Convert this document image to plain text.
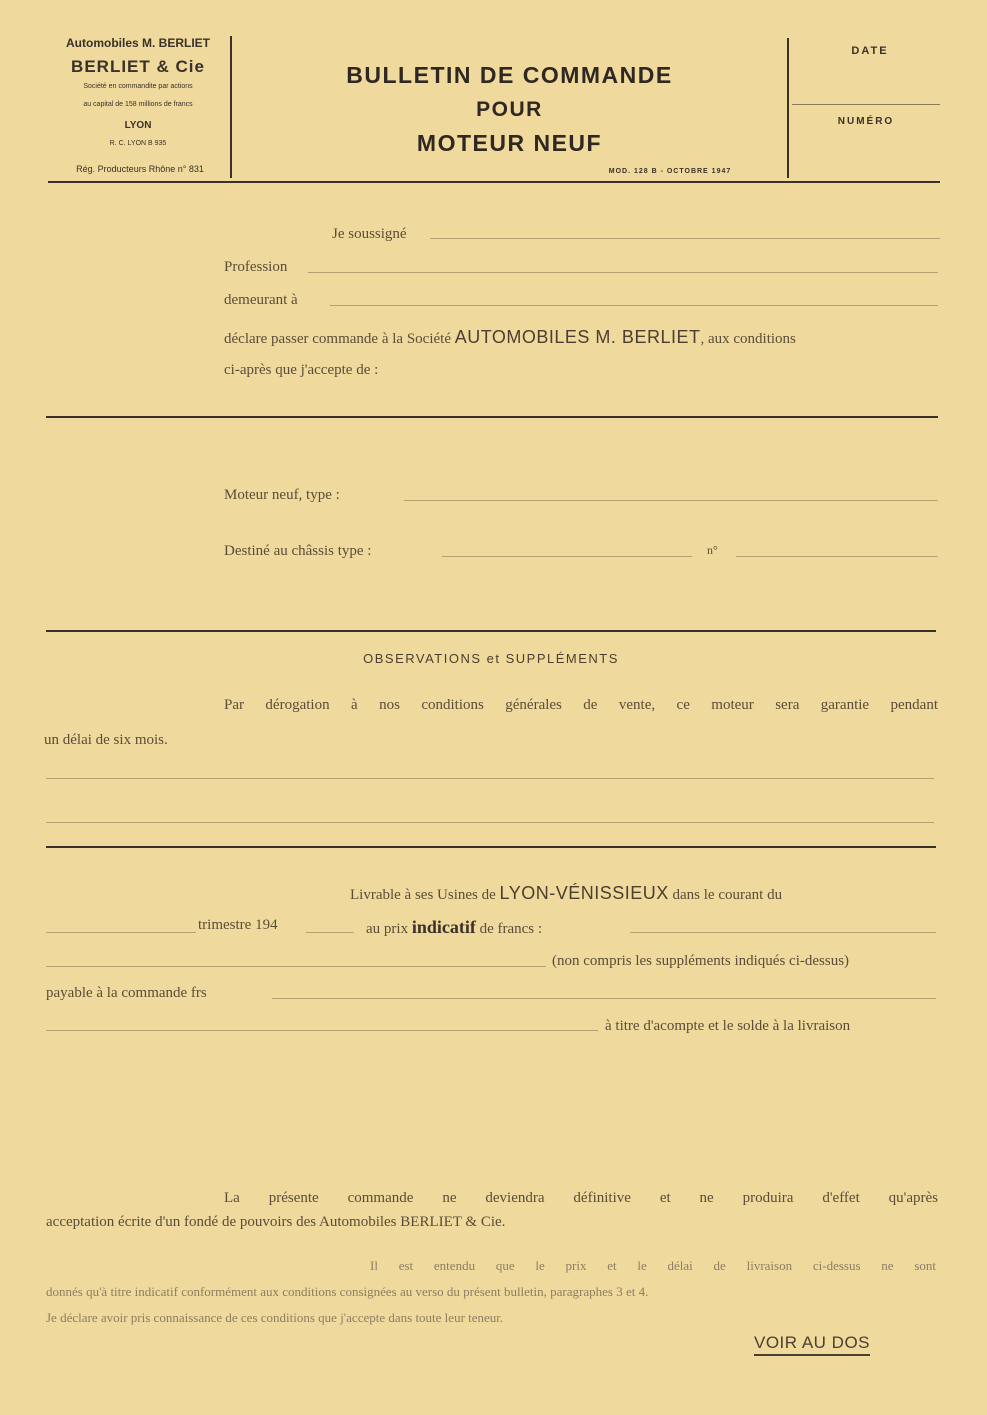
Automobiles M. BERLIET
BERLIET & Cie
Société en commandite par actions
au capital de 158 millions de francs
LYON
R. C. LYON B 935
Rég. Producteurs Rhône n° 831
BULLETIN DE COMMANDE
POUR
MOTEUR NEUF
MOD. 128 B - OCTOBRE 1947
DATE
NUMÉRO
Je soussigné
Profession
demeurant à
déclare passer commande à la Société AUTOMOBILES M. BERLIET, aux conditions
ci-après que j'accepte de :
Moteur neuf, type :
Destiné au châssis type :	n°
OBSERVATIONS et SUPPLÉMENTS
Par dérogation à nos conditions générales de vente, ce moteur sera garantie pendant
un délai de six mois.
Livrable à ses Usines de LYON-VÉNISSIEUX dans le courant du
trimestre 194	au prix indicatif de francs :
(non compris les suppléments indiqués ci-dessus)
payable à la commande frs
à titre d'acompte et le solde à la livraison
La présente commande ne deviendra définitive et ne produira d'effet qu'après
acceptation écrite d'un fondé de pouvoirs des Automobiles BERLIET & Cie.
Il est entendu que le prix et le délai de livraison ci-dessus ne sont
donnés qu'à titre indicatif conformément aux conditions consignées au verso du présent bulletin, paragraphes 3 et 4.
Je déclare avoir pris connaissance de ces conditions que j'accepte dans toute leur teneur.
VOIR AU DOS
